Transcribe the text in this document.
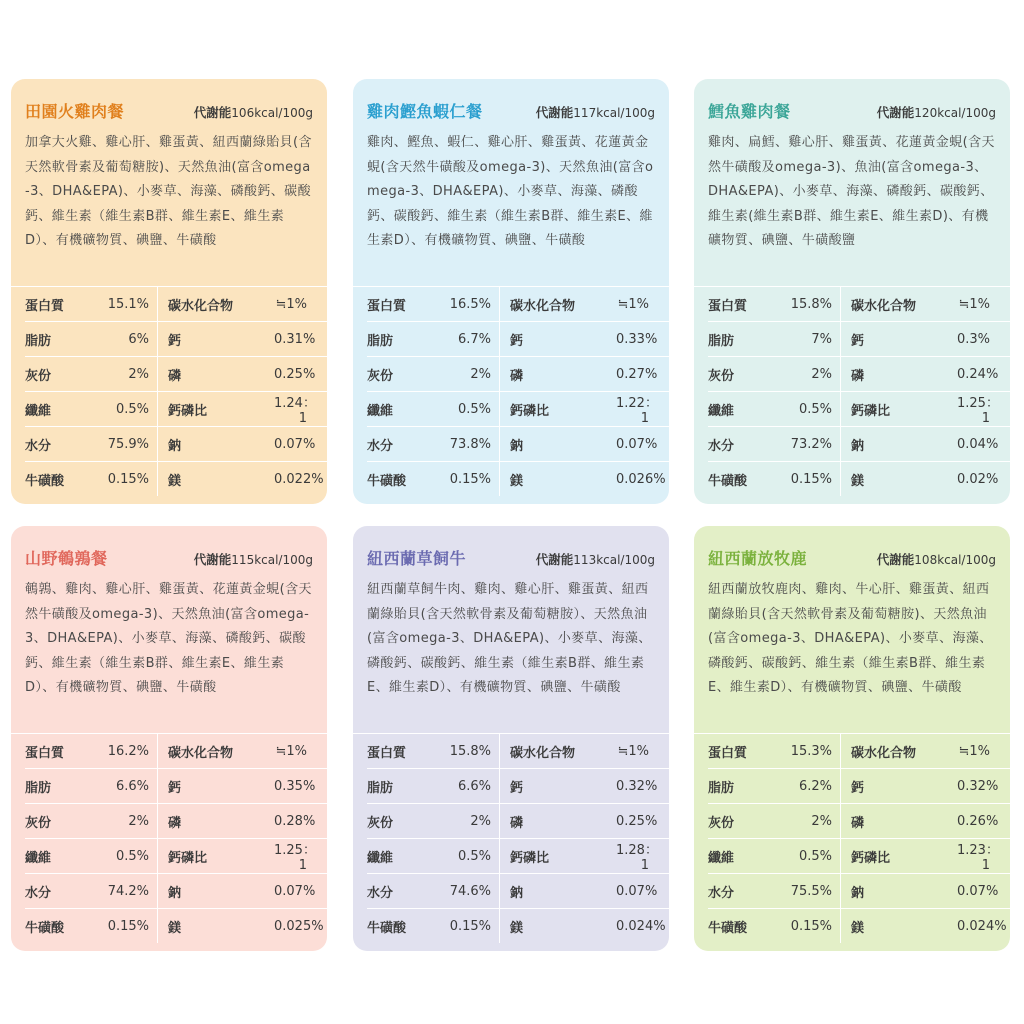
田園火雞肉餐	代謝能106kcal/100g
加拿大火雞、雞心肝、雞蛋黃、紐西蘭綠貽貝(含天然軟骨素及葡萄糖胺)、天然魚油(富含omega-3、DHA&EPA)、小麥草、海藻、磷酸鈣、碳酸鈣、維生素（維生素B群、維生素E、維生素D）、有機礦物質、碘鹽、牛磺酸
蛋白質	15.1%	碳水化合物	≒1%
脂肪	6%	鈣	0.31%
灰份	2%	磷	0.25%
纖維	0.5%	鈣磷比	1.24：1
水分	75.9%	鈉	0.07%
牛磺酸	0.15%	鎂	0.022%
雞肉鰹魚蝦仁餐	代謝能117kcal/100g
雞肉、鰹魚、蝦仁、雞心肝、雞蛋黃、花蓮黃金蜆(含天然牛磺酸及omega-3)、天然魚油(富含omega-3、DHA&EPA)、小麥草、海藻、磷酸鈣、碳酸鈣、維生素（維生素B群、維生素E、維生素D）、有機礦物質、碘鹽、牛磺酸
蛋白質	16.5%	碳水化合物	≒1%
脂肪	6.7%	鈣	0.33%
灰份	2%	磷	0.27%
纖維	0.5%	鈣磷比	1.22：1
水分	73.8%	鈉	0.07%
牛磺酸	0.15%	鎂	0.026%
鱈魚雞肉餐	代謝能120kcal/100g
雞肉、扁鱈、雞心肝、雞蛋黃、花蓮黃金蜆(含天然牛磺酸及omega-3)、魚油(富含omega-3、DHA&EPA)、小麥草、海藻、磷酸鈣、碳酸鈣、維生素(維生素B群、維生素E、維生素D)、有機礦物質、碘鹽、牛磺酸鹽
蛋白質	15.8%	碳水化合物	≒1%
脂肪	7%	鈣	0.3%
灰份	2%	磷	0.24%
纖維	0.5%	鈣磷比	1.25：1
水分	73.2%	鈉	0.04%
牛磺酸	0.15%	鎂	0.02%
山野鵪鶉餐	代謝能115kcal/100g
鵪鶉、雞肉、雞心肝、雞蛋黃、花蓮黃金蜆(含天然牛磺酸及omega-3)、天然魚油(富含omega-3、DHA&EPA)、小麥草、海藻、磷酸鈣、碳酸鈣、維生素（維生素B群、維生素E、維生素D）、有機礦物質、碘鹽、牛磺酸
蛋白質	16.2%	碳水化合物	≒1%
脂肪	6.6%	鈣	0.35%
灰份	2%	磷	0.28%
纖維	0.5%	鈣磷比	1.25：1
水分	74.2%	鈉	0.07%
牛磺酸	0.15%	鎂	0.025%
紐西蘭草飼牛	代謝能113kcal/100g
紐西蘭草飼牛肉、雞肉、雞心肝、雞蛋黃、紐西蘭綠貽貝(含天然軟骨素及葡萄糖胺）、天然魚油(富含omega-3、DHA&EPA)、小麥草、海藻、磷酸鈣、碳酸鈣、維生素（維生素B群、維生素E、維生素D）、有機礦物質、碘鹽、牛磺酸
蛋白質	15.8%	碳水化合物	≒1%
脂肪	6.6%	鈣	0.32%
灰份	2%	磷	0.25%
纖維	0.5%	鈣磷比	1.28：1
水分	74.6%	鈉	0.07%
牛磺酸	0.15%	鎂	0.024%
紐西蘭放牧鹿	代謝能108kcal/100g
紐西蘭放牧鹿肉、雞肉、牛心肝、雞蛋黃、紐西蘭綠貽貝(含天然軟骨素及葡萄糖胺)、天然魚油(富含omega-3、DHA&EPA)、小麥草、海藻、磷酸鈣、碳酸鈣、維生素（維生素B群、維生素E、維生素D）、有機礦物質、碘鹽、牛磺酸
蛋白質	15.3%	碳水化合物	≒1%
脂肪	6.2%	鈣	0.32%
灰份	2%	磷	0.26%
纖維	0.5%	鈣磷比	1.23：1
水分	75.5%	鈉	0.07%
牛磺酸	0.15%	鎂	0.024%
